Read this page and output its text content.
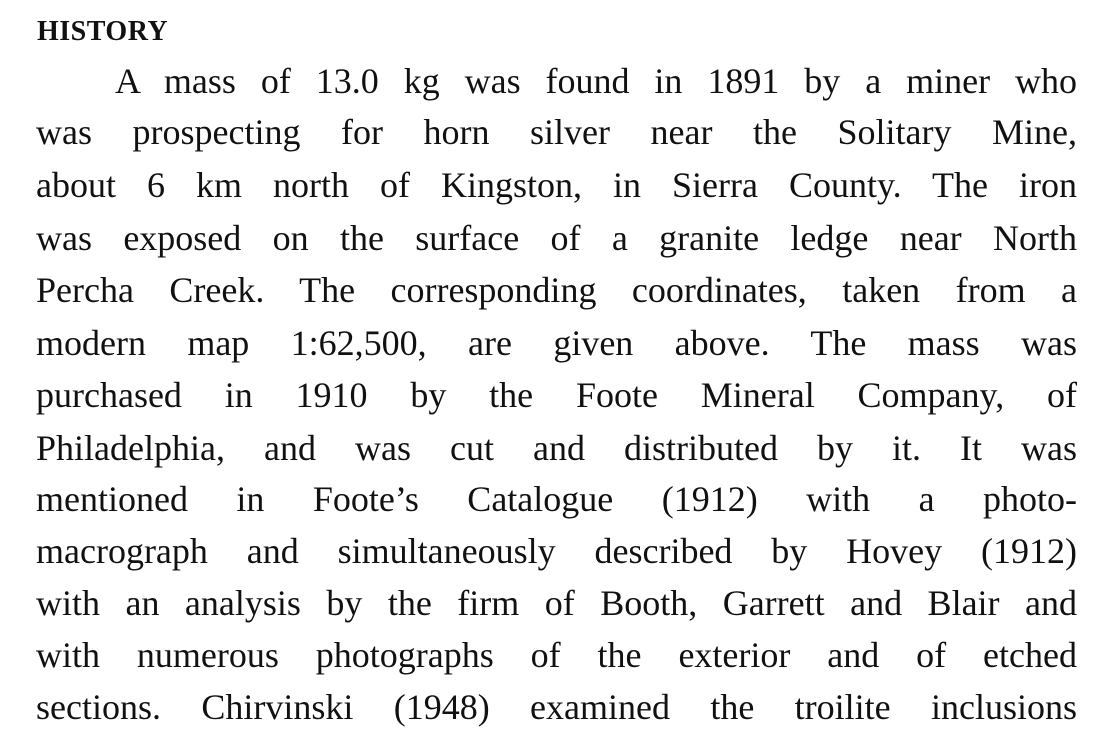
HISTORY
A mass of 13.0 kg was found in 1891 by a miner who
was prospecting for horn silver near the Solitary Mine,
about 6 km north of Kingston, in Sierra County. The iron
was exposed on the surface of a granite ledge near North
Percha Creek. The corresponding coordinates, taken from a
modern map 1:62,500, are given above. The mass was
purchased in 1910 by the Foote Mineral Company, of
Philadelphia, and was cut and distributed by it. It was
mentioned in Foote’s Catalogue (1912) with a photo-
macrograph and simultaneously described by Hovey (1912)
with an analysis by the firm of Booth, Garrett and Blair and
with numerous photographs of the exterior and of etched
sections. Chirvinski (1948) examined the troilite inclusions
